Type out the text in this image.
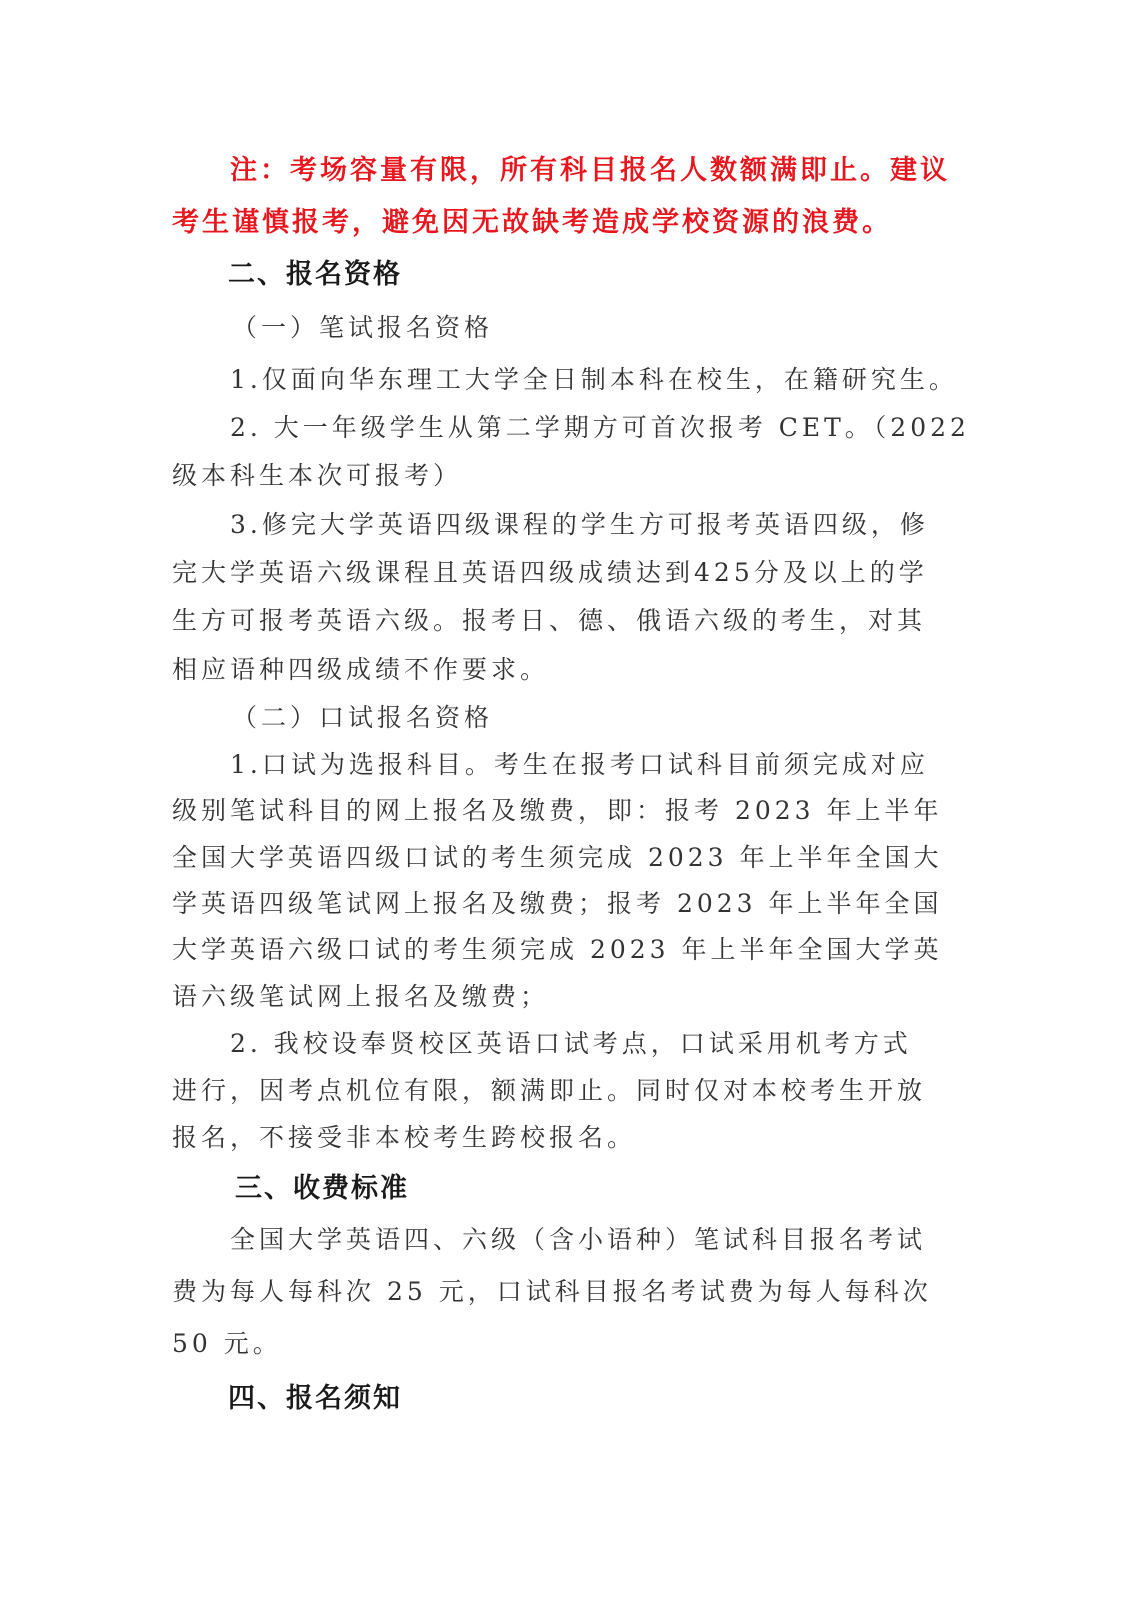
注：考场容量有限，所有科目报名人数额满即止。建议
考生谨慎报考，避免因无故缺考造成学校资源的浪费。
二、报名资格
（一）笔试报名资格
1.仅面向华东理工大学全日制本科在校生，在籍研究生。
2. 大一年级学生从第二学期方可首次报考 CET。（2022
级本科生本次可报考）
3.修完大学英语四级课程的学生方可报考英语四级，修
完大学英语六级课程且英语四级成绩达到425分及以上的学
生方可报考英语六级。报考日、德、俄语六级的考生，对其
相应语种四级成绩不作要求。
（二）口试报名资格
1.口试为选报科目。考生在报考口试科目前须完成对应
级别笔试科目的网上报名及缴费，即：报考 2023 年上半年
全国大学英语四级口试的考生须完成 2023 年上半年全国大
学英语四级笔试网上报名及缴费；报考 2023 年上半年全国
大学英语六级口试的考生须完成 2023 年上半年全国大学英
语六级笔试网上报名及缴费；
2. 我校设奉贤校区英语口试考点，口试采用机考方式
进行，因考点机位有限，额满即止。同时仅对本校考生开放
报名，不接受非本校考生跨校报名。
三、收费标准
全国大学英语四、六级（含小语种）笔试科目报名考试
费为每人每科次 25 元，口试科目报名考试费为每人每科次
50 元。
四、报名须知
